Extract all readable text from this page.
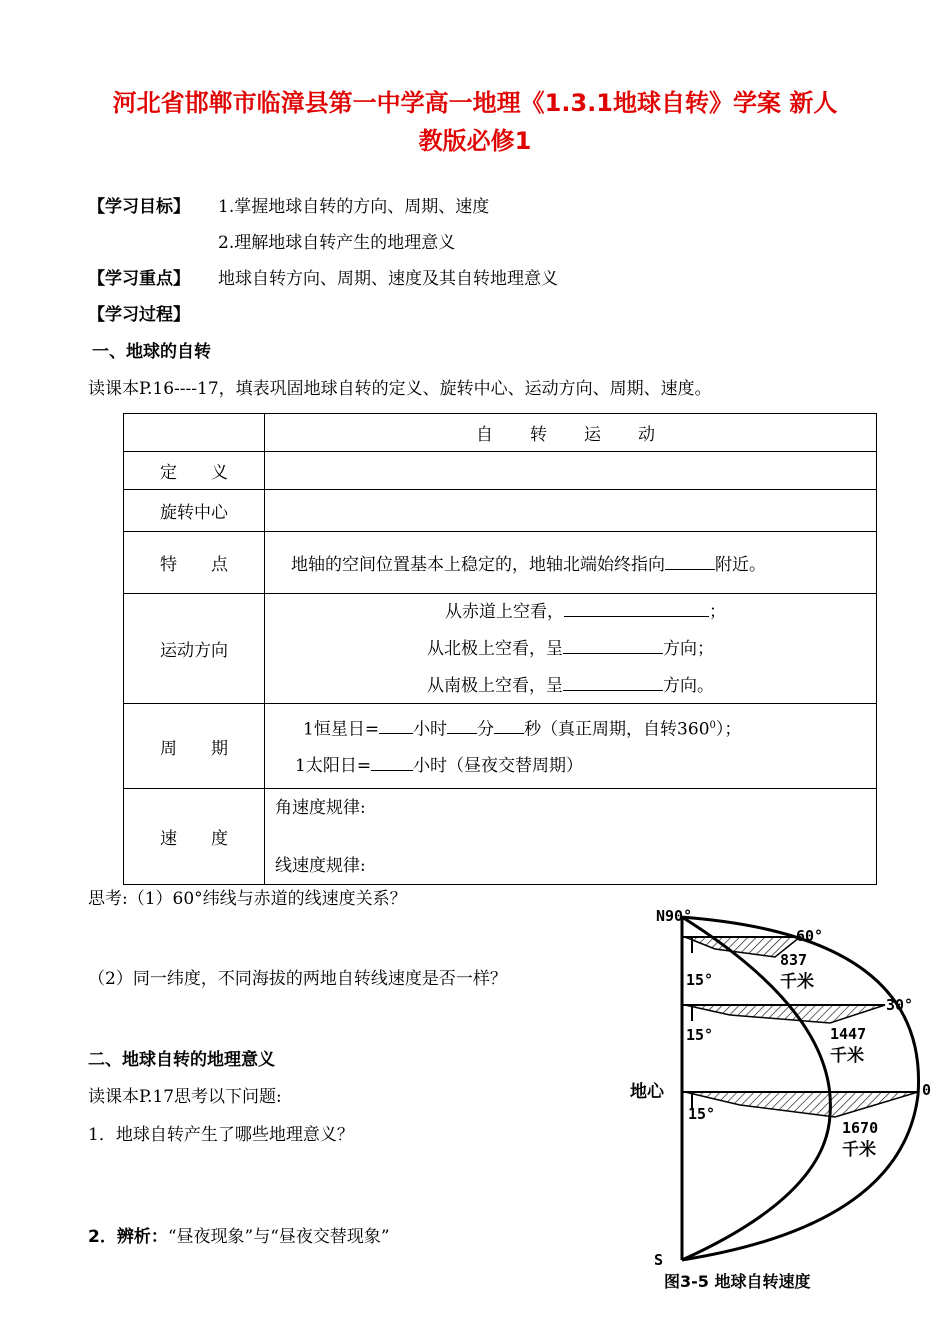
河北省邯郸市临漳县第一中学高一地理《1.3.1地球自转》学案 新人
教版必修1
【学习目标】 1.掌握地球自转的方向、周期、速度
2.理解地球自转产生的地理意义
【学习重点】 地球自转方向、周期、速度及其自转地理意义
【学习过程】
一、地球的自转
读课本P.16----17，填表巩固地球自转的定义、旋转中心、运动方向、周期、速度。
	自　转　运　动
定　　义	
旋转中心	
特　　点	地轴的空间位置基本上稳定的，地轴北端始终指向 附近。
运动方向	从赤道上空看， ；
从北极上空看，呈 方向；
从南极上空看，呈 方向。

周　　期	1恒星日= 小时 分 秒（真正周期，自转$360^0$）；
1太阳日= 小时（昼夜交替周期）

速　　度	角速度规律:
线速度规律:
思考:（1）60°纬线与赤道的线速度关系？
（2）同一纬度，不同海拔的两地自转线速度是否一样？
二、地球自转的地理意义
读课本P.17思考以下问题:
1．地球自转产生了哪些地理意义？
2．辨析：“昼夜现象”与“昼夜交替现象”
N90°
60°
30°
0
地心
S
15°
15°
15°
837
千米
1447
千米
1670
千米
图3-5 地球自转速度
